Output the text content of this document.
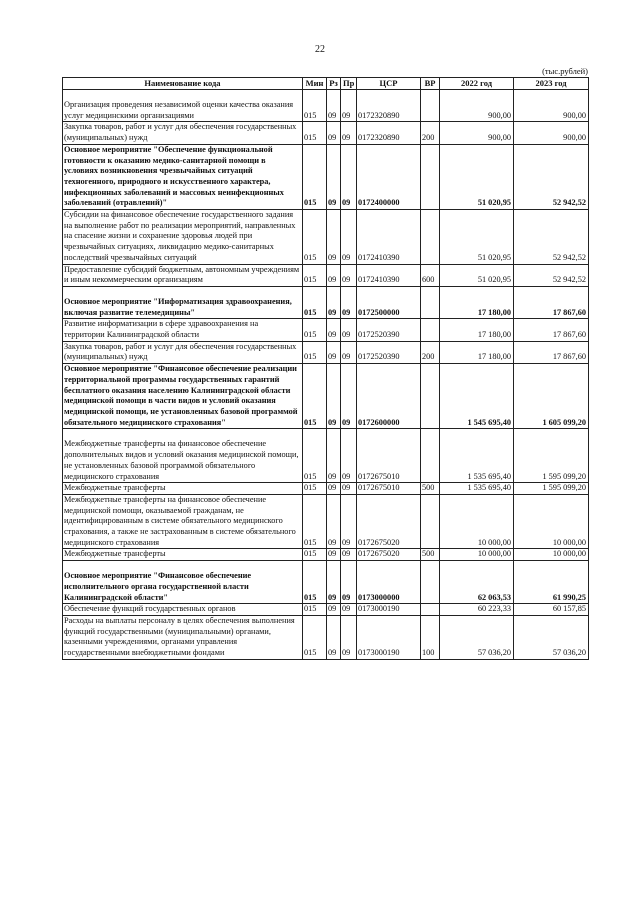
22
(тыс.рублей)
Наименование кода	Мин	Рз	Пр	ЦСР	ВР	2022 год	2023 год

Организация проведения независимой оценки качества оказания услуг медицинскими организациями	015	09	09	0172320890		900,00	900,00
Закупка товаров, работ и услуг для обеспечения государственных (муниципальных) нужд	015	09	09	0172320890	200	900,00	900,00
Основное мероприятие "Обеспечение функциональной готовности к оказанию медико-санитарной помощи в условиях возникновения чрезвычайных ситуаций техногенного, природного и искусственного характера, инфекционных заболеваний и массовых неинфекционных заболеваний (отравлений)"	015	09	09	0172400000		51 020,95	52 942,52
Субсидии на финансовое обеспечение государственного задания на выполнение работ по реализации мероприятий, направленных на спасение жизни и сохранение здоровья людей при чрезвычайных ситуациях, ликвидацию медико-санитарных последствий чрезвычайных ситуаций	015	09	09	0172410390		51 020,95	52 942,52
Предоставление субсидий бюджетным, автономным учреждениям и иным некоммерческим организациям	015	09	09	0172410390	600	51 020,95	52 942,52

Основное мероприятие "Информатизация здравоохранения, включая развитие телемедицины"	015	09	09	0172500000		17 180,00	17 867,60
Развитие информатизации в сфере здравоохранения на территории Калининградской области	015	09	09	0172520390		17 180,00	17 867,60
Закупка товаров, работ и услуг для обеспечения государственных (муниципальных) нужд	015	09	09	0172520390	200	17 180,00	17 867,60
Основное мероприятие "Финансовое обеспечение реализации территориальной программы государственных гарантий бесплатного оказания населению Калининградской области медицинской помощи в части видов и условий оказания медицинской помощи, не установленных базовой программой обязательного медицинского страхования"	015	09	09	0172600000		1 545 695,40	1 605 099,20

Межбюджетные трансферты на финансовое обеспечение дополнительных видов и условий оказания медицинской помощи, не установленных базовой программой обязательного медицинского страхования	015	09	09	0172675010		1 535 695,40	1 595 099,20
Межбюджетные трансферты	015	09	09	0172675010	500	1 535 695,40	1 595 099,20
Межбюджетные трансферты на финансовое обеспечение медицинской помощи, оказываемой гражданам, не идентифицированным в системе обязательного медицинского страхования, а также не застрахованным в системе обязательного медицинского страхования	015	09	09	0172675020		10 000,00	10 000,00
Межбюджетные трансферты	015	09	09	0172675020	500	10 000,00	10 000,00

Основное мероприятие "Финансовое обеспечение исполнительного органа государственной власти Калининградской области"	015	09	09	0173000000		62 063,53	61 990,25
Обеспечение функций государственных органов	015	09	09	0173000190		60 223,33	60 157,85
Расходы на выплаты персоналу в целях обеспечения выполнения функций государственными (муниципальными) органами, казенными учреждениями, органами управления государственными внебюджетными фондами	015	09	09	0173000190	100	57 036,20	57 036,20
